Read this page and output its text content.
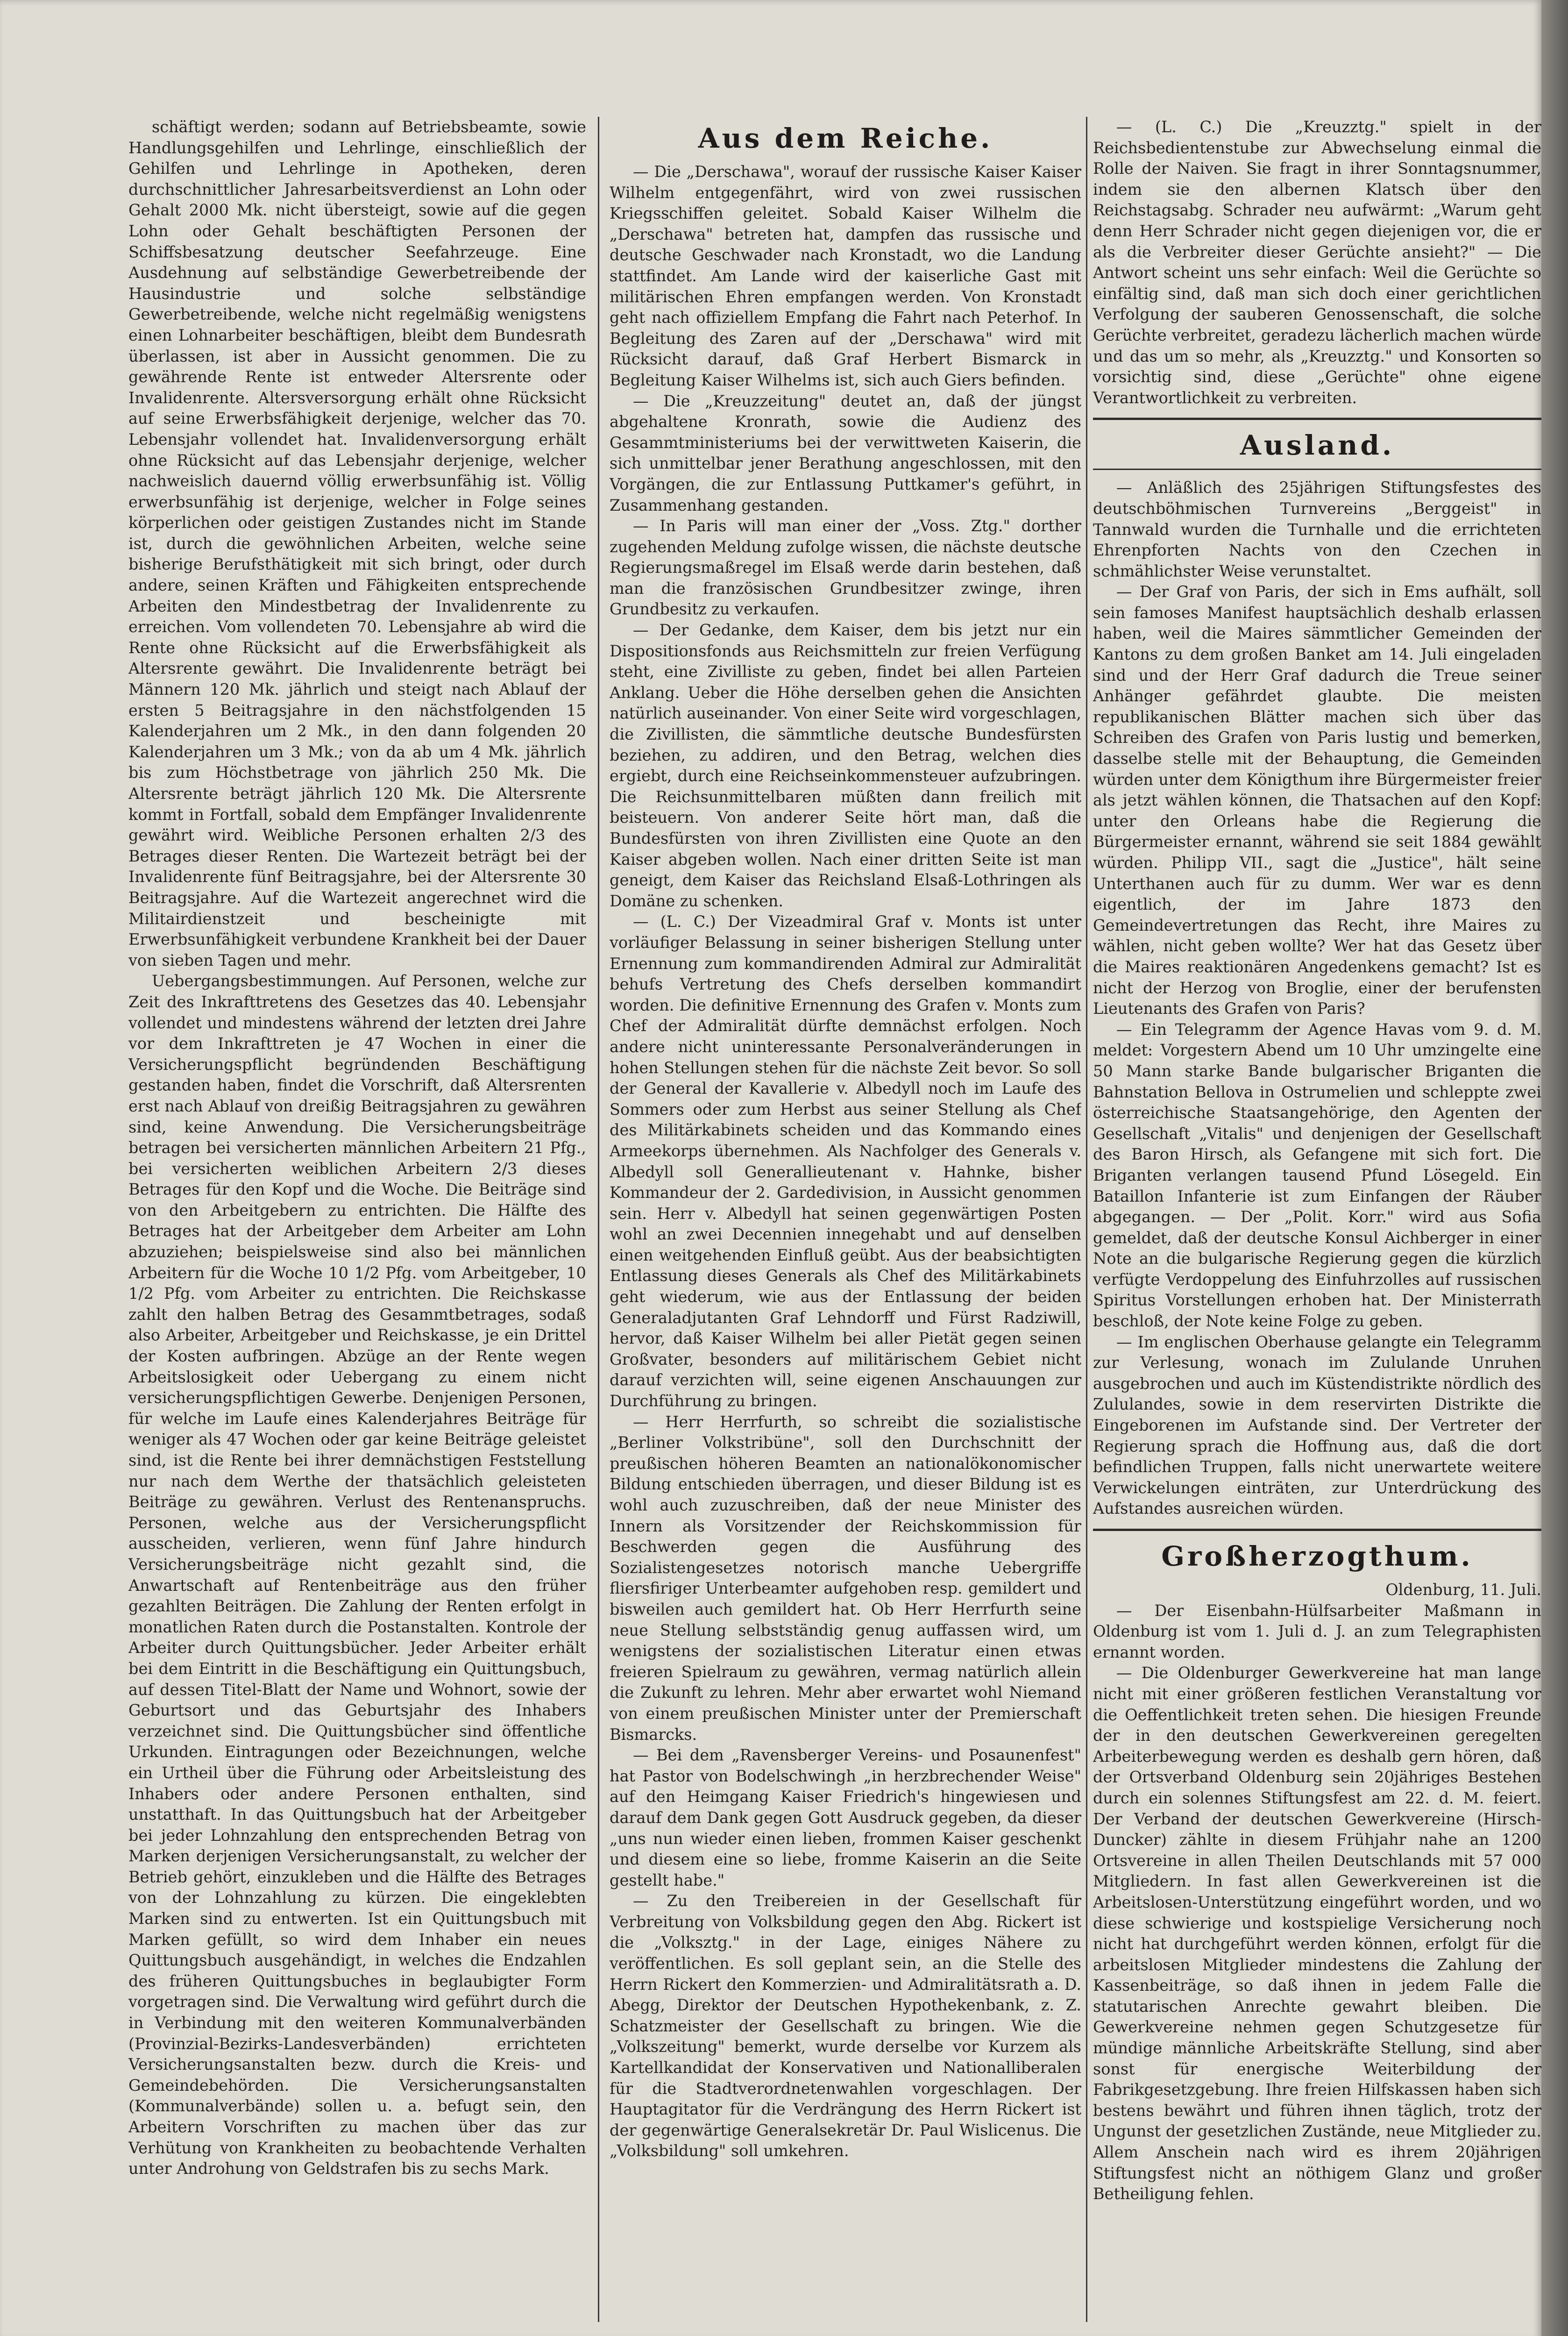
schäftigt werden; sodann auf Betriebsbeamte, sowie Handlungsgehilfen und Lehrlinge, einschließlich der Gehilfen und Lehrlinge in Apotheken, deren durchschnittlicher Jahresarbeitsverdienst an Lohn oder Gehalt 2000 Mk. nicht übersteigt, sowie auf die gegen Lohn oder Gehalt beschäftigten Personen der Schiffsbesatzung deutscher Seefahrzeuge. Eine Ausdehnung auf selbständige Gewerbetreibende der Hausindustrie und solche selbständige Gewerbetreibende, welche nicht regelmäßig wenigstens einen Lohnarbeiter beschäftigen, bleibt dem Bundesrath überlassen, ist aber in Aussicht genommen. Die zu gewährende Rente ist entweder Altersrente oder Invalidenrente. Altersversorgung erhält ohne Rücksicht auf seine Erwerbsfähigkeit derjenige, welcher das 70. Lebensjahr vollendet hat. Invalidenversorgung erhält ohne Rücksicht auf das Lebensjahr derjenige, welcher nachweislich dauernd völlig erwerbsunfähig ist. Völlig erwerbsunfähig ist derjenige, welcher in Folge seines körperlichen oder geistigen Zustandes nicht im Stande ist, durch die gewöhnlichen Arbeiten, welche seine bisherige Berufsthätigkeit mit sich bringt, oder durch andere, seinen Kräften und Fähigkeiten entsprechende Arbeiten den Mindestbetrag der Invalidenrente zu erreichen. Vom vollendeten 70. Lebensjahre ab wird die Rente ohne Rücksicht auf die Erwerbsfähigkeit als Altersrente gewährt. Die Invalidenrente beträgt bei Männern 120 Mk. jährlich und steigt nach Ablauf der ersten 5 Beitragsjahre in den nächstfolgenden 15 Kalenderjahren um 2 Mk., in den dann folgenden 20 Kalenderjahren um 3 Mk.; von da ab um 4 Mk. jährlich bis zum Höchstbetrage von jährlich 250 Mk. Die Altersrente beträgt jährlich 120 Mk. Die Altersrente kommt in Fortfall, sobald dem Empfänger Invalidenrente gewährt wird. Weibliche Personen erhalten 2/3 des Betrages dieser Renten. Die Wartezeit beträgt bei der Invalidenrente fünf Beitragsjahre, bei der Altersrente 30 Beitragsjahre. Auf die Wartezeit angerechnet wird die Militairdienstzeit und bescheinigte mit Erwerbsunfähigkeit verbundene Krankheit bei der Dauer von sieben Tagen und mehr.

Uebergangsbestimmungen. Auf Personen, welche zur Zeit des Inkrafttretens des Gesetzes das 40. Lebensjahr vollendet und mindestens während der letzten drei Jahre vor dem Inkrafttreten je 47 Wochen in einer die Versicherungspflicht begründenden Beschäftigung gestanden haben, findet die Vorschrift, daß Altersrenten erst nach Ablauf von dreißig Beitragsjahren zu gewähren sind, keine Anwendung. Die Versicherungsbeiträge betragen bei versicherten männlichen Arbeitern 21 Pfg., bei versicherten weiblichen Arbeitern 2/3 dieses Betrages für den Kopf und die Woche. Die Beiträge sind von den Arbeitgebern zu entrichten. Die Hälfte des Betrages hat der Arbeitgeber dem Arbeiter am Lohn abzuziehen; beispielsweise sind also bei männlichen Arbeitern für die Woche 10 1/2 Pfg. vom Arbeitgeber, 10 1/2 Pfg. vom Arbeiter zu entrichten. Die Reichskasse zahlt den halben Betrag des Gesammtbetrages, sodaß also Arbeiter, Arbeitgeber und Reichskasse, je ein Drittel der Kosten aufbringen. Abzüge an der Rente wegen Arbeitslosigkeit oder Uebergang zu einem nicht versicherungspflichtigen Gewerbe. Denjenigen Personen, für welche im Laufe eines Kalenderjahres Beiträge für weniger als 47 Wochen oder gar keine Beiträge geleistet sind, ist die Rente bei ihrer demnächstigen Feststellung nur nach dem Werthe der thatsächlich geleisteten Beiträge zu gewähren. Verlust des Rentenanspruchs. Personen, welche aus der Versicherungspflicht ausscheiden, verlieren, wenn fünf Jahre hindurch Versicherungsbeiträge nicht gezahlt sind, die Anwartschaft auf Rentenbeiträge aus den früher gezahlten Beiträgen. Die Zahlung der Renten erfolgt in monatlichen Raten durch die Postanstalten. Kontrole der Arbeiter durch Quittungsbücher. Jeder Arbeiter erhält bei dem Eintritt in die Beschäftigung ein Quittungsbuch, auf dessen Titel-Blatt der Name und Wohnort, sowie der Geburtsort und das Geburtsjahr des Inhabers verzeichnet sind. Die Quittungsbücher sind öffentliche Urkunden. Eintragungen oder Bezeichnungen, welche ein Urtheil über die Führung oder Arbeitsleistung des Inhabers oder andere Personen enthalten, sind unstatthaft. In das Quittungsbuch hat der Arbeitgeber bei jeder Lohnzahlung den entsprechenden Betrag von Marken derjenigen Versicherungsanstalt, zu welcher der Betrieb gehört, einzukleben und die Hälfte des Betrages von der Lohnzahlung zu kürzen. Die eingeklebten Marken sind zu entwerten. Ist ein Quittungsbuch mit Marken gefüllt, so wird dem Inhaber ein neues Quittungsbuch ausgehändigt, in welches die Endzahlen des früheren Quittungsbuches in beglaubigter Form vorgetragen sind. Die Verwaltung wird geführt durch die in Verbindung mit den weiteren Kommunalverbänden (Provinzial-Bezirks-Landesverbänden) errichteten Versicherungsanstalten bezw. durch die Kreis- und Gemeindebehörden. Die Versicherungsanstalten (Kommunalverbände) sollen u. a. befugt sein, den Arbeitern Vorschriften zu machen über das zur Verhütung von Krankheiten zu beobachtende Verhalten unter Androhung von Geldstrafen bis zu sechs Mark.

Aus dem Reiche.

— Die „Derschawa", worauf der russische Kaiser Kaiser Wilhelm entgegenfährt, wird von zwei russischen Kriegsschiffen geleitet. Sobald Kaiser Wilhelm die „Derschawa" betreten hat, dampfen das russische und deutsche Geschwader nach Kronstadt, wo die Landung stattfindet. Am Lande wird der kaiserliche Gast mit militärischen Ehren empfangen werden. Von Kronstadt geht nach offiziellem Empfang die Fahrt nach Peterhof. In Begleitung des Zaren auf der „Derschawa" wird mit Rücksicht darauf, daß Graf Herbert Bismarck in Begleitung Kaiser Wilhelms ist, sich auch Giers befinden.

— Die „Kreuzzeitung" deutet an, daß der jüngst abgehaltene Kronrath, sowie die Audienz des Gesammtministeriums bei der verwittweten Kaiserin, die sich unmittelbar jener Berathung angeschlossen, mit den Vorgängen, die zur Entlassung Puttkamer's geführt, in Zusammenhang gestanden.

— In Paris will man einer der „Voss. Ztg." dorther zugehenden Meldung zufolge wissen, die nächste deutsche Regierungsmaßregel im Elsaß werde darin bestehen, daß man die französischen Grundbesitzer zwinge, ihren Grundbesitz zu verkaufen.

— Der Gedanke, dem Kaiser, dem bis jetzt nur ein Dispositionsfonds aus Reichsmitteln zur freien Verfügung steht, eine Zivilliste zu geben, findet bei allen Parteien Anklang. Ueber die Höhe derselben gehen die Ansichten natürlich auseinander. Von einer Seite wird vorgeschlagen, die Zivillisten, die sämmtliche deutsche Bundesfürsten beziehen, zu addiren, und den Betrag, welchen dies ergiebt, durch eine Reichseinkommensteuer aufzubringen. Die Reichsunmittelbaren müßten dann freilich mit beisteuern. Von anderer Seite hört man, daß die Bundesfürsten von ihren Zivillisten eine Quote an den Kaiser abgeben wollen. Nach einer dritten Seite ist man geneigt, dem Kaiser das Reichsland Elsaß-Lothringen als Domäne zu schenken.

— (L. C.) Der Vizeadmiral Graf v. Monts ist unter vorläufiger Belassung in seiner bisherigen Stellung unter Ernennung zum kommandirenden Admiral zur Admiralität behufs Vertretung des Chefs derselben kommandirt worden. Die definitive Ernennung des Grafen v. Monts zum Chef der Admiralität dürfte demnächst erfolgen. Noch andere nicht uninteressante Personalveränderungen in hohen Stellungen stehen für die nächste Zeit bevor. So soll der General der Kavallerie v. Albedyll noch im Laufe des Sommers oder zum Herbst aus seiner Stellung als Chef des Militärkabinets scheiden und das Kommando eines Armeekorps übernehmen. Als Nachfolger des Generals v. Albedyll soll Generallieutenant v. Hahnke, bisher Kommandeur der 2. Gardedivision, in Aussicht genommen sein. Herr v. Albedyll hat seinen gegenwärtigen Posten wohl an zwei Decennien innegehabt und auf denselben einen weitgehenden Einfluß geübt. Aus der beabsichtigten Entlassung dieses Generals als Chef des Militärkabinets geht wiederum, wie aus der Entlassung der beiden Generaladjutanten Graf Lehndorff und Fürst Radziwill, hervor, daß Kaiser Wilhelm bei aller Pietät gegen seinen Großvater, besonders auf militärischem Gebiet nicht darauf verzichten will, seine eigenen Anschauungen zur Durchführung zu bringen.

— Herr Herrfurth, so schreibt die sozialistische „Berliner Volkstribüne", soll den Durchschnitt der preußischen höheren Beamten an nationalökonomischer Bildung entschieden überragen, und dieser Bildung ist es wohl auch zuzuschreiben, daß der neue Minister des Innern als Vorsitzender der Reichskommission für Beschwerden gegen die Ausführung des Sozialistengesetzes notorisch manche Uebergriffe fliersfiriger Unterbeamter aufgehoben resp. gemildert und bisweilen auch gemildert hat. Ob Herr Herrfurth seine neue Stellung selbstständig genug auffassen wird, um wenigstens der sozialistischen Literatur einen etwas freieren Spielraum zu gewähren, vermag natürlich allein die Zukunft zu lehren. Mehr aber erwartet wohl Niemand von einem preußischen Minister unter der Premierschaft Bismarcks.

— Bei dem „Ravensberger Vereins- und Posaunenfest" hat Pastor von Bodelschwingh „in herzbrechender Weise" auf den Heimgang Kaiser Friedrich's hingewiesen und darauf dem Dank gegen Gott Ausdruck gegeben, da dieser „uns nun wieder einen lieben, frommen Kaiser geschenkt und diesem eine so liebe, fromme Kaiserin an die Seite gestellt habe."

— Zu den Treibereien in der Gesellschaft für Verbreitung von Volksbildung gegen den Abg. Rickert ist die „Volksztg." in der Lage, einiges Nähere zu veröffentlichen. Es soll geplant sein, an die Stelle des Herrn Rickert den Kommerzien- und Admiralitätsrath a. D. Abegg, Direktor der Deutschen Hypothekenbank, z. Z. Schatzmeister der Gesellschaft zu bringen. Wie die „Volkszeitung" bemerkt, wurde derselbe vor Kurzem als Kartellkandidat der Konservativen und Nationalliberalen für die Stadtverordnetenwahlen vorgeschlagen. Der Hauptagitator für die Verdrängung des Herrn Rickert ist der gegenwärtige Generalsekretär Dr. Paul Wislicenus. Die „Volksbildung" soll umkehren.

— (L. C.) Die „Kreuzztg." spielt in der Reichsbedientenstube zur Abwechselung einmal die Rolle der Naiven. Sie fragt in ihrer Sonntagsnummer, indem sie den albernen Klatsch über den Reichstagsabg. Schrader neu aufwärmt: „Warum geht denn Herr Schrader nicht gegen diejenigen vor, die er als die Verbreiter dieser Gerüchte ansieht?" — Die Antwort scheint uns sehr einfach: Weil die Gerüchte so einfältig sind, daß man sich doch einer gerichtlichen Verfolgung der sauberen Genossenschaft, die solche Gerüchte verbreitet, geradezu lächerlich machen würde und das um so mehr, als „Kreuzztg." und Konsorten so vorsichtig sind, diese „Gerüchte" ohne eigene Verantwortlichkeit zu verbreiten.

Ausland.

— Anläßlich des 25jährigen Stiftungsfestes des deutschböhmischen Turnvereins „Berggeist" in Tannwald wurden die Turnhalle und die errichteten Ehrenpforten Nachts von den Czechen in schmählichster Weise verunstaltet.

— Der Graf von Paris, der sich in Ems aufhält, soll sein famoses Manifest hauptsächlich deshalb erlassen haben, weil die Maires sämmtlicher Gemeinden der Kantons zu dem großen Banket am 14. Juli eingeladen sind und der Herr Graf dadurch die Treue seiner Anhänger gefährdet glaubte. Die meisten republikanischen Blätter machen sich über das Schreiben des Grafen von Paris lustig und bemerken, dasselbe stelle mit der Behauptung, die Gemeinden würden unter dem Königthum ihre Bürgermeister freier als jetzt wählen können, die Thatsachen auf den Kopf: unter den Orleans habe die Regierung die Bürgermeister ernannt, während sie seit 1884 gewählt würden. Philipp VII., sagt die „Justice", hält seine Unterthanen auch für zu dumm. Wer war es denn eigentlich, der im Jahre 1873 den Gemeindevertretungen das Recht, ihre Maires zu wählen, nicht geben wollte? Wer hat das Gesetz über die Maires reaktionären Angedenkens gemacht? Ist es nicht der Herzog von Broglie, einer der berufensten Lieutenants des Grafen von Paris?

— Ein Telegramm der Agence Havas vom 9. d. M. meldet: Vorgestern Abend um 10 Uhr umzingelte eine 50 Mann starke Bande bulgarischer Briganten die Bahnstation Bellova in Ostrumelien und schleppte zwei österreichische Staatsangehörige, den Agenten der Gesellschaft „Vitalis" und denjenigen der Gesellschaft des Baron Hirsch, als Gefangene mit sich fort. Die Briganten verlangen tausend Pfund Lösegeld. Ein Bataillon Infanterie ist zum Einfangen der Räuber abgegangen. — Der „Polit. Korr." wird aus Sofia gemeldet, daß der deutsche Konsul Aichberger in einer Note an die bulgarische Regierung gegen die kürzlich verfügte Verdoppelung des Einfuhrzolles auf russischen Spiritus Vorstellungen erhoben hat. Der Ministerrath beschloß, der Note keine Folge zu geben.

— Im englischen Oberhause gelangte ein Telegramm zur Verlesung, wonach im Zululande Unruhen ausgebrochen und auch im Küstendistrikte nördlich des Zululandes, sowie in dem reservirten Distrikte die Eingeborenen im Aufstande sind. Der Vertreter der Regierung sprach die Hoffnung aus, daß die dort befindlichen Truppen, falls nicht unerwartete weitere Verwickelungen einträten, zur Unterdrückung des Aufstandes ausreichen würden.

Großherzogthum.

Oldenburg, 11. Juli.

— Der Eisenbahn-Hülfsarbeiter Maßmann in Oldenburg ist vom 1. Juli d. J. an zum Telegraphisten ernannt worden.

— Die Oldenburger Gewerkvereine hat man lange nicht mit einer größeren festlichen Veranstaltung vor die Oeffentlichkeit treten sehen. Die hiesigen Freunde der in den deutschen Gewerkvereinen geregelten Arbeiterbewegung werden es deshalb gern hören, daß der Ortsverband Oldenburg sein 20jähriges Bestehen durch ein solennes Stiftungsfest am 22. d. M. feiert. Der Verband der deutschen Gewerkvereine (Hirsch-Duncker) zählte in diesem Frühjahr nahe an 1200 Ortsvereine in allen Theilen Deutschlands mit 57 000 Mitgliedern. In fast allen Gewerkvereinen ist die Arbeitslosen-Unterstützung eingeführt worden, und wo diese schwierige und kostspielige Versicherung noch nicht hat durchgeführt werden können, erfolgt für die arbeitslosen Mitglieder mindestens die Zahlung der Kassenbeiträge, so daß ihnen in jedem Falle die statutarischen Anrechte gewahrt bleiben. Die Gewerkvereine nehmen gegen Schutzgesetze für mündige männliche Arbeitskräfte Stellung, sind aber sonst für energische Weiterbildung der Fabrikgesetzgebung. Ihre freien Hilfskassen haben sich bestens bewährt und führen ihnen täglich, trotz der Ungunst der gesetzlichen Zustände, neue Mitglieder zu. Allem Anschein nach wird es ihrem 20jährigen Stiftungsfest nicht an nöthigem Glanz und großer Betheiligung fehlen.
